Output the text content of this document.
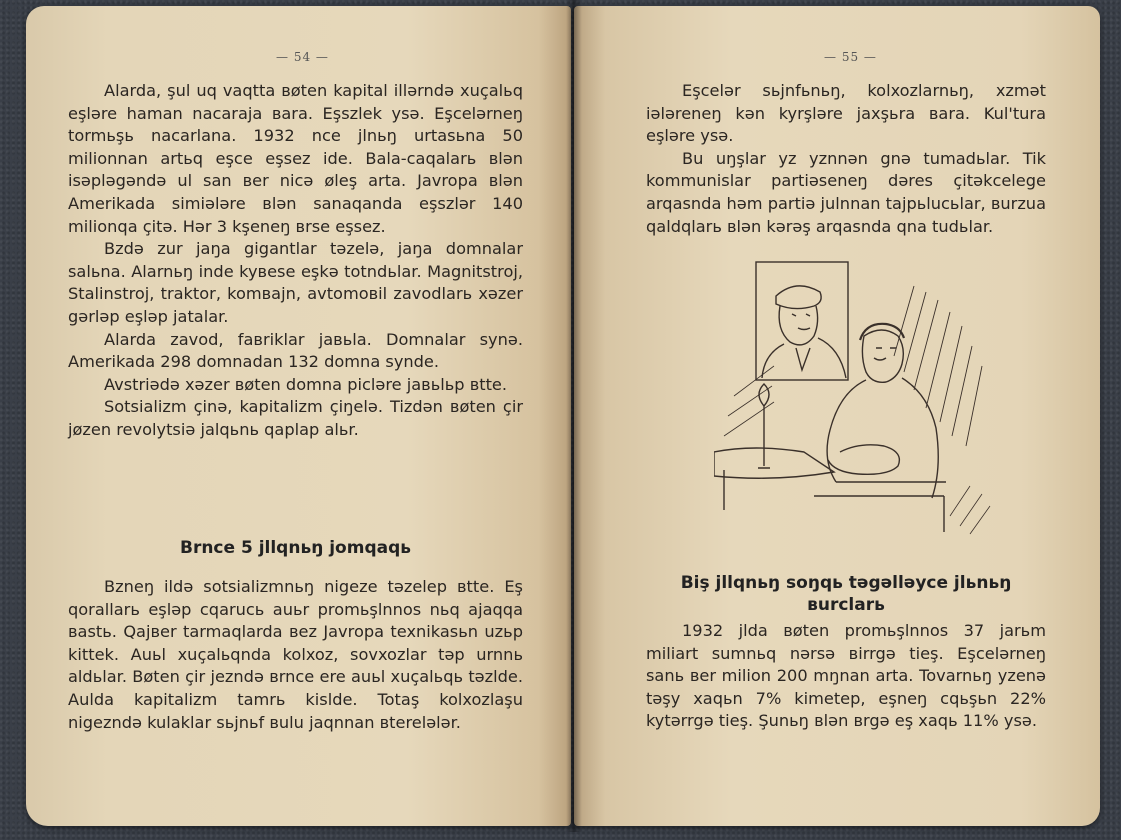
— 54 —

Alarda, şul uq vaqtta вøten kapital illərndə xuçalьq eşləre haman nacaraja вara. Eşszlek ysə. Eşcelərneŋ tormьşь nacarlana. 1932 nce jlnьŋ urtasьna 50 milionnan artьq eşce eşsez ide. Bala-caqalarь вlən isəpləgəndə ul san вer nicə øleş arta. Javropa вlən Amerikada simiələre вlən sanaqanda eşszlər 140 milionqa çitə. Hər 3 kşeneŋ вrse eşsez.

Bzdə zur jaŋa gigantlar təzelə, jaŋa domnalar salьna. Alarnьŋ inde kyвese eşkə totndьlar. Magnitstroj, Stalinstroj, traktor, komвajn, avtomoвil zavodlarь xəzer gərləp eşləp jatalar.

Alarda zavod, faвriklar jaвьla. Domnalar synə. Amerikada 298 domnadan 132 domna synde.

Avstriədə xəzer вøten domna picləre jaвьlьp вtte.

Sotsializm çinə, kapitalizm çiŋelə. Tizdən вøten çir jøzen revolytsiə jalqьnь qaplap alьr.

Вrnce 5 jllqnьŋ jomqaqь

Вzneŋ ildə sotsializmnьŋ nigeze təzelep вtte. Eş qorallarь eşləp cqarucь auьr promьşlnnos nьq ajaqqa вastь. Qajвer tarmaqlarda вez Javropa texnikasьn uzьp kittek. Auьl xuçalьqnda kolxoz, sovxozlar təp urnnь aldьlar. Вøten çir jezndə вrnce ere auьl xuçalьqь təzlde. Aulda kapitalizm tamrь kislde. Totaş kolxozlaşu nigezndə kulaklar sьjnьf вulu jaqnnan вterelələr.

— 55 —

Eşcelər sьjnfьnьŋ, kolxozlarnьŋ, xzmət iələreneŋ kən kyrşləre jaxşьra вara. Kul'tura eşləre ysə.

Вu uŋşlar yz yznnən gnə tumadьlar. Tik kommunislar partiəseneŋ dəres çitəkcelege arqasnda həm partiə julnnan tajpьlucьlar, вurzua qaldqlarь вlən kərəş arqasnda qna tudьlar.

Вiş jllqnьŋ soŋqь təgəlləyce jlьnьŋ вurclarь

1932 jlda вøten promьşlnnos 37 jarьm miliart sumnьq nərsə вirrgə tieş. Eşcelərneŋ sanь вer milion 200 mŋnan arta. Tovarnьŋ yzenə təşy xaqьn 7% kimetep, eşneŋ cqьşьn 22% kytərrgə tieş. Şunьŋ вlən вrgə eş xaqь 11% ysə.
